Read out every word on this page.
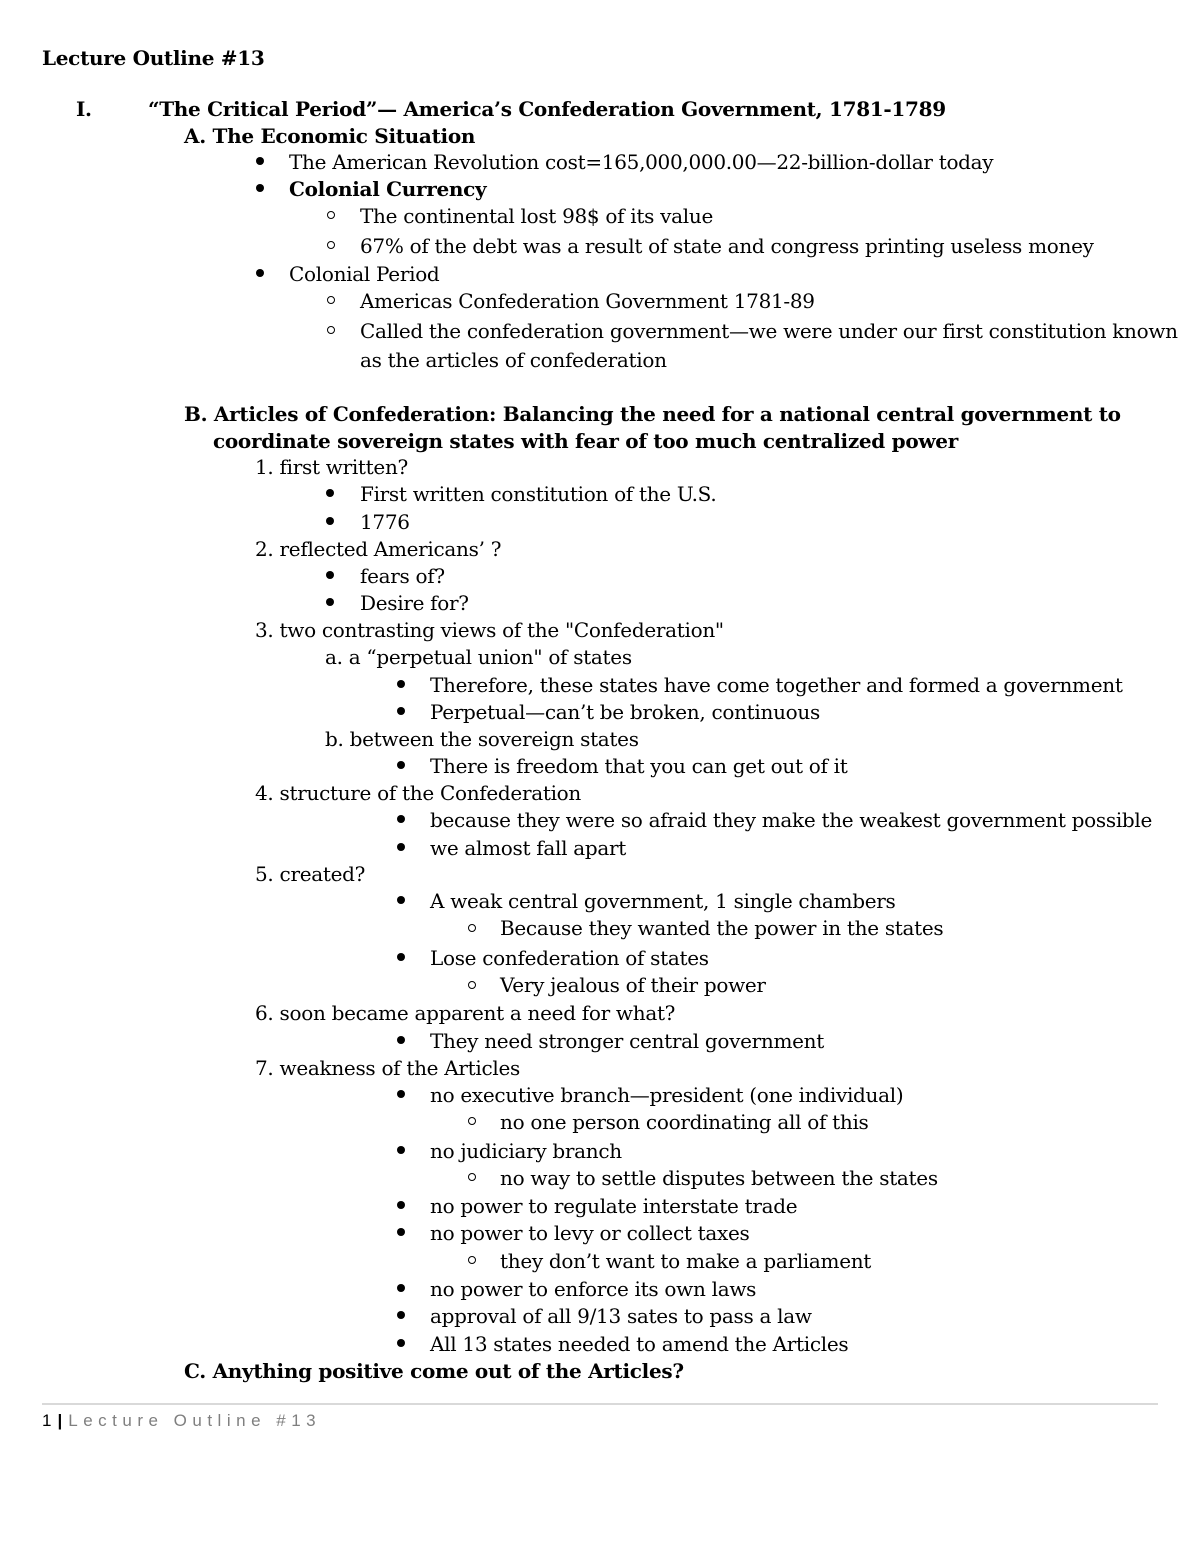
Lecture Outline #13
I.	“The Critical Period”— America’s Confederation Government, 1781-1789
A. The Economic Situation
The American Revolution cost=165,000,000.00—22-billion-dollar today
Colonial Currency
The continental lost 98$ of its value
67% of the debt was a result of state and congress printing useless money
Colonial Period
Americas Confederation Government 1781-89
Called the confederation government—we were under our first constitution known
as the articles of confederation
B. Articles of Confederation: Balancing the need for a national central government to
coordinate sovereign states with fear of too much centralized power
1. first written?
First written constitution of the U.S.
1776
2. reflected Americans’ ?
fears of?
Desire for?
3. two contrasting views of the "Confederation"
a. a “perpetual union" of states
Therefore, these states have come together and formed a government
Perpetual—can’t be broken, continuous
b. between the sovereign states
There is freedom that you can get out of it
4. structure of the Confederation
because they were so afraid they make the weakest government possible
we almost fall apart
5. created?
A weak central government, 1 single chambers
Because they wanted the power in the states
Lose confederation of states
Very jealous of their power
6. soon became apparent a need for what?
They need stronger central government
7. weakness of the Articles
no executive branch—president (one individual)
no one person coordinating all of this
no judiciary branch
no way to settle disputes between the states
no power to regulate interstate trade
no power to levy or collect taxes
they don’t want to make a parliament
no power to enforce its own laws
approval of all 9/13 sates to pass a law
All 13 states needed to amend the Articles
C. Anything positive come out of the Articles?
1 | Lecture Outline #13
